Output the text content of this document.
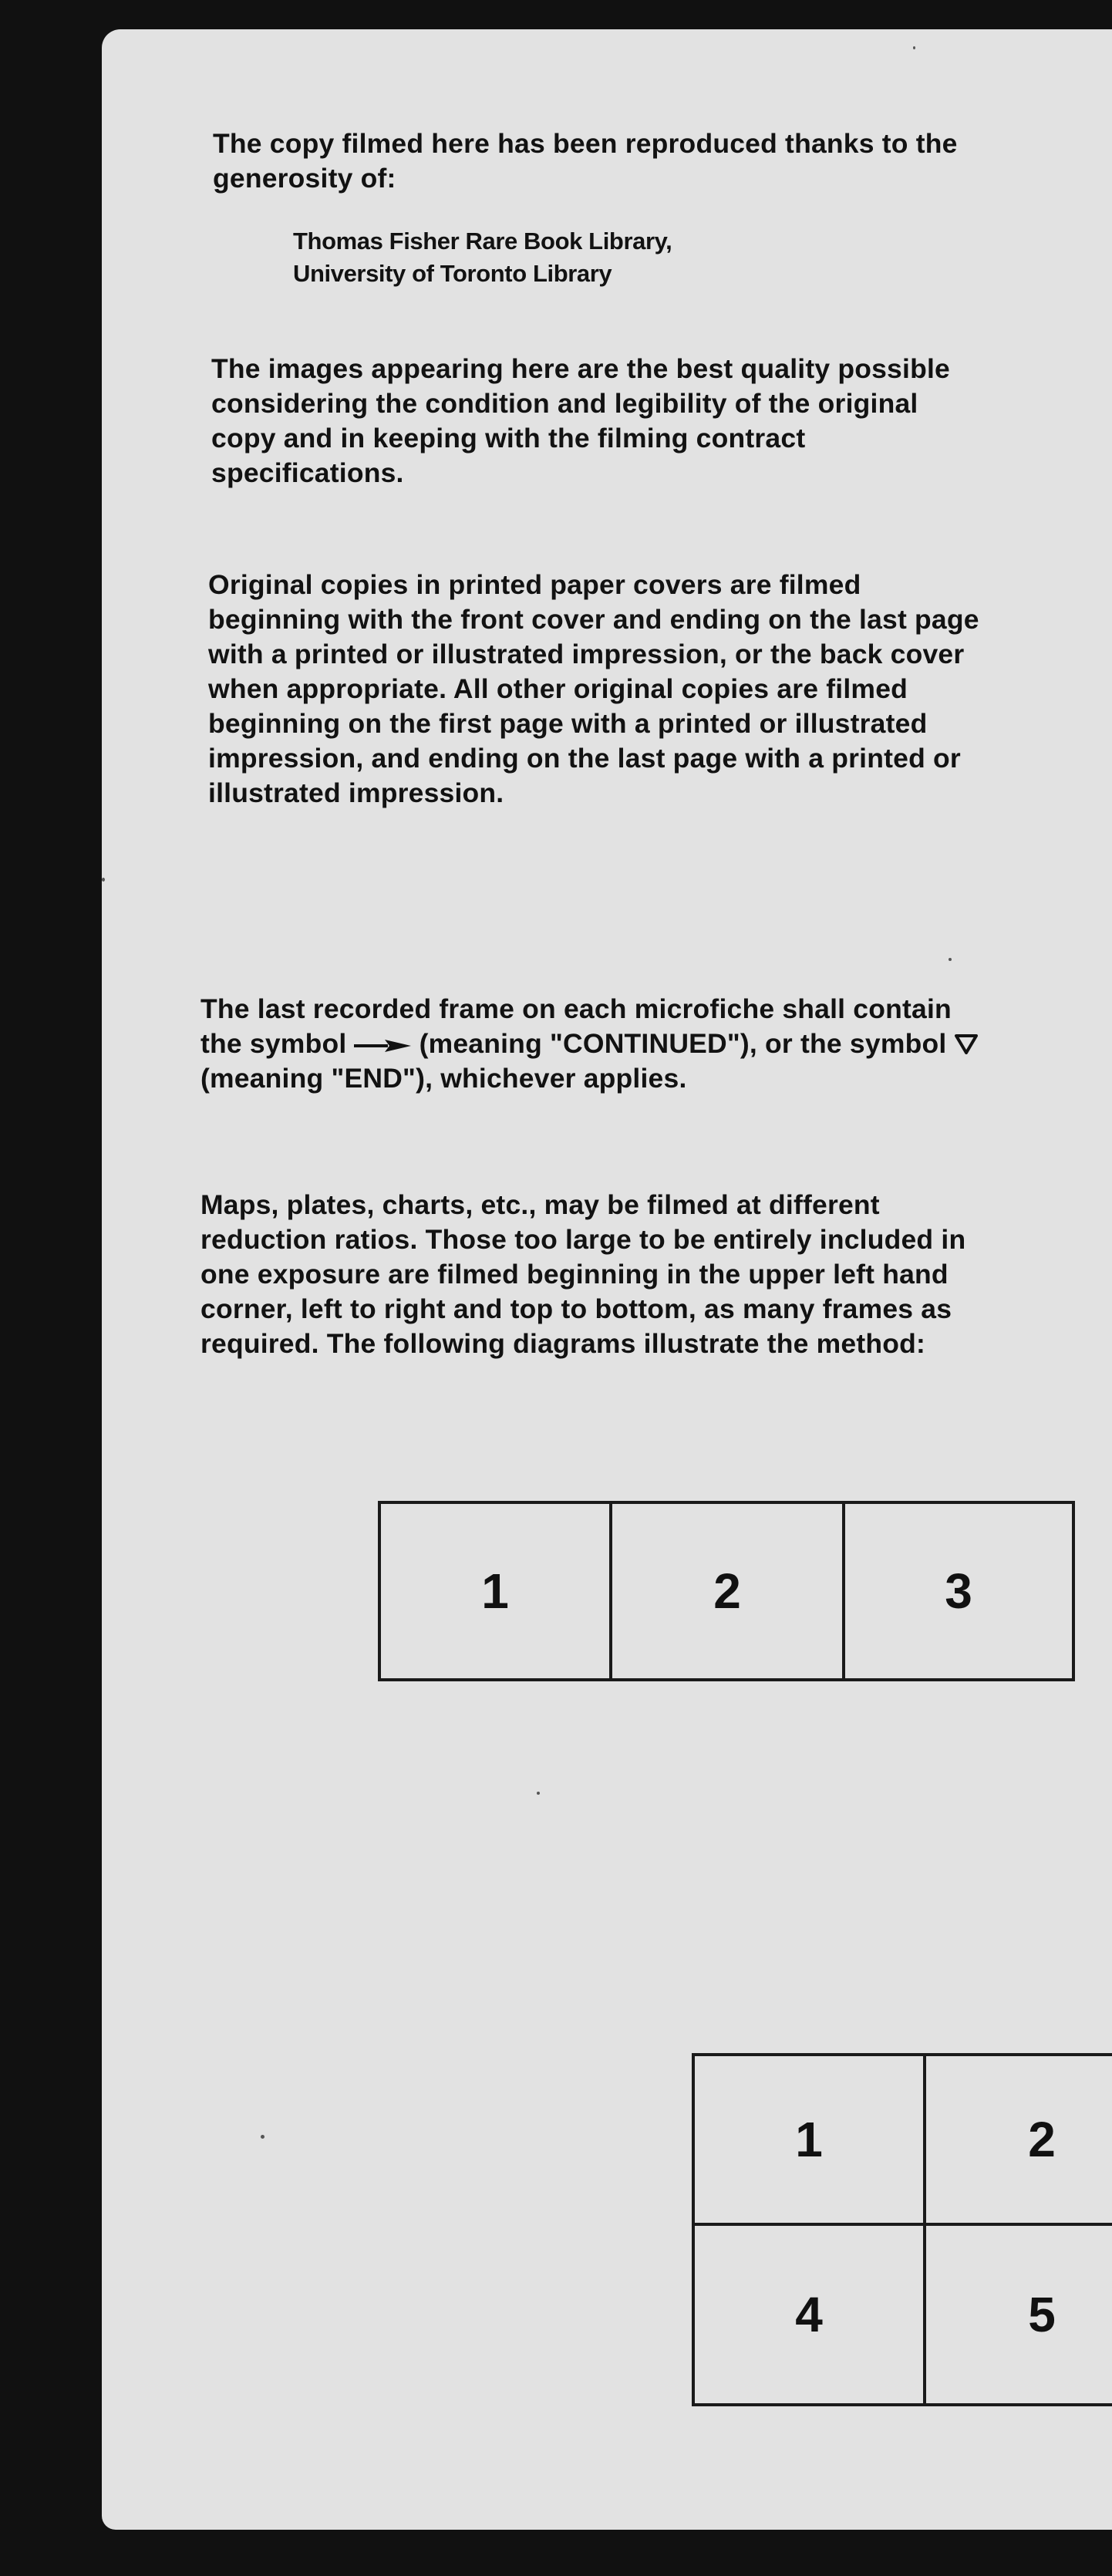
The copy filmed here has been reproduced thanks to the generosity of:

Thomas Fisher Rare Book Library,
University of Toronto Library

The images appearing here are the best quality possible considering the condition and legibility of the original copy and in keeping with the filming contract specifications.

Original copies in printed paper covers are filmed beginning with the front cover and ending on the last page with a printed or illustrated impression, or the back cover when appropriate. All other original copies are filmed beginning on the first page with a printed or illustrated impression, and ending on the last page with a printed or illustrated impression.

The last recorded frame on each microfiche shall contain the symbol	(meaning "CONTINUED"), or the symbol  (meaning "END"), whichever applies.

Maps, plates, charts, etc., may be filmed at different reduction ratios. Those too large to be entirely included in one exposure are filmed beginning in the upper left hand corner, left to right and top to bottom, as many frames as required. The following diagrams illustrate the method:

1	2	3
1	2
4	5
